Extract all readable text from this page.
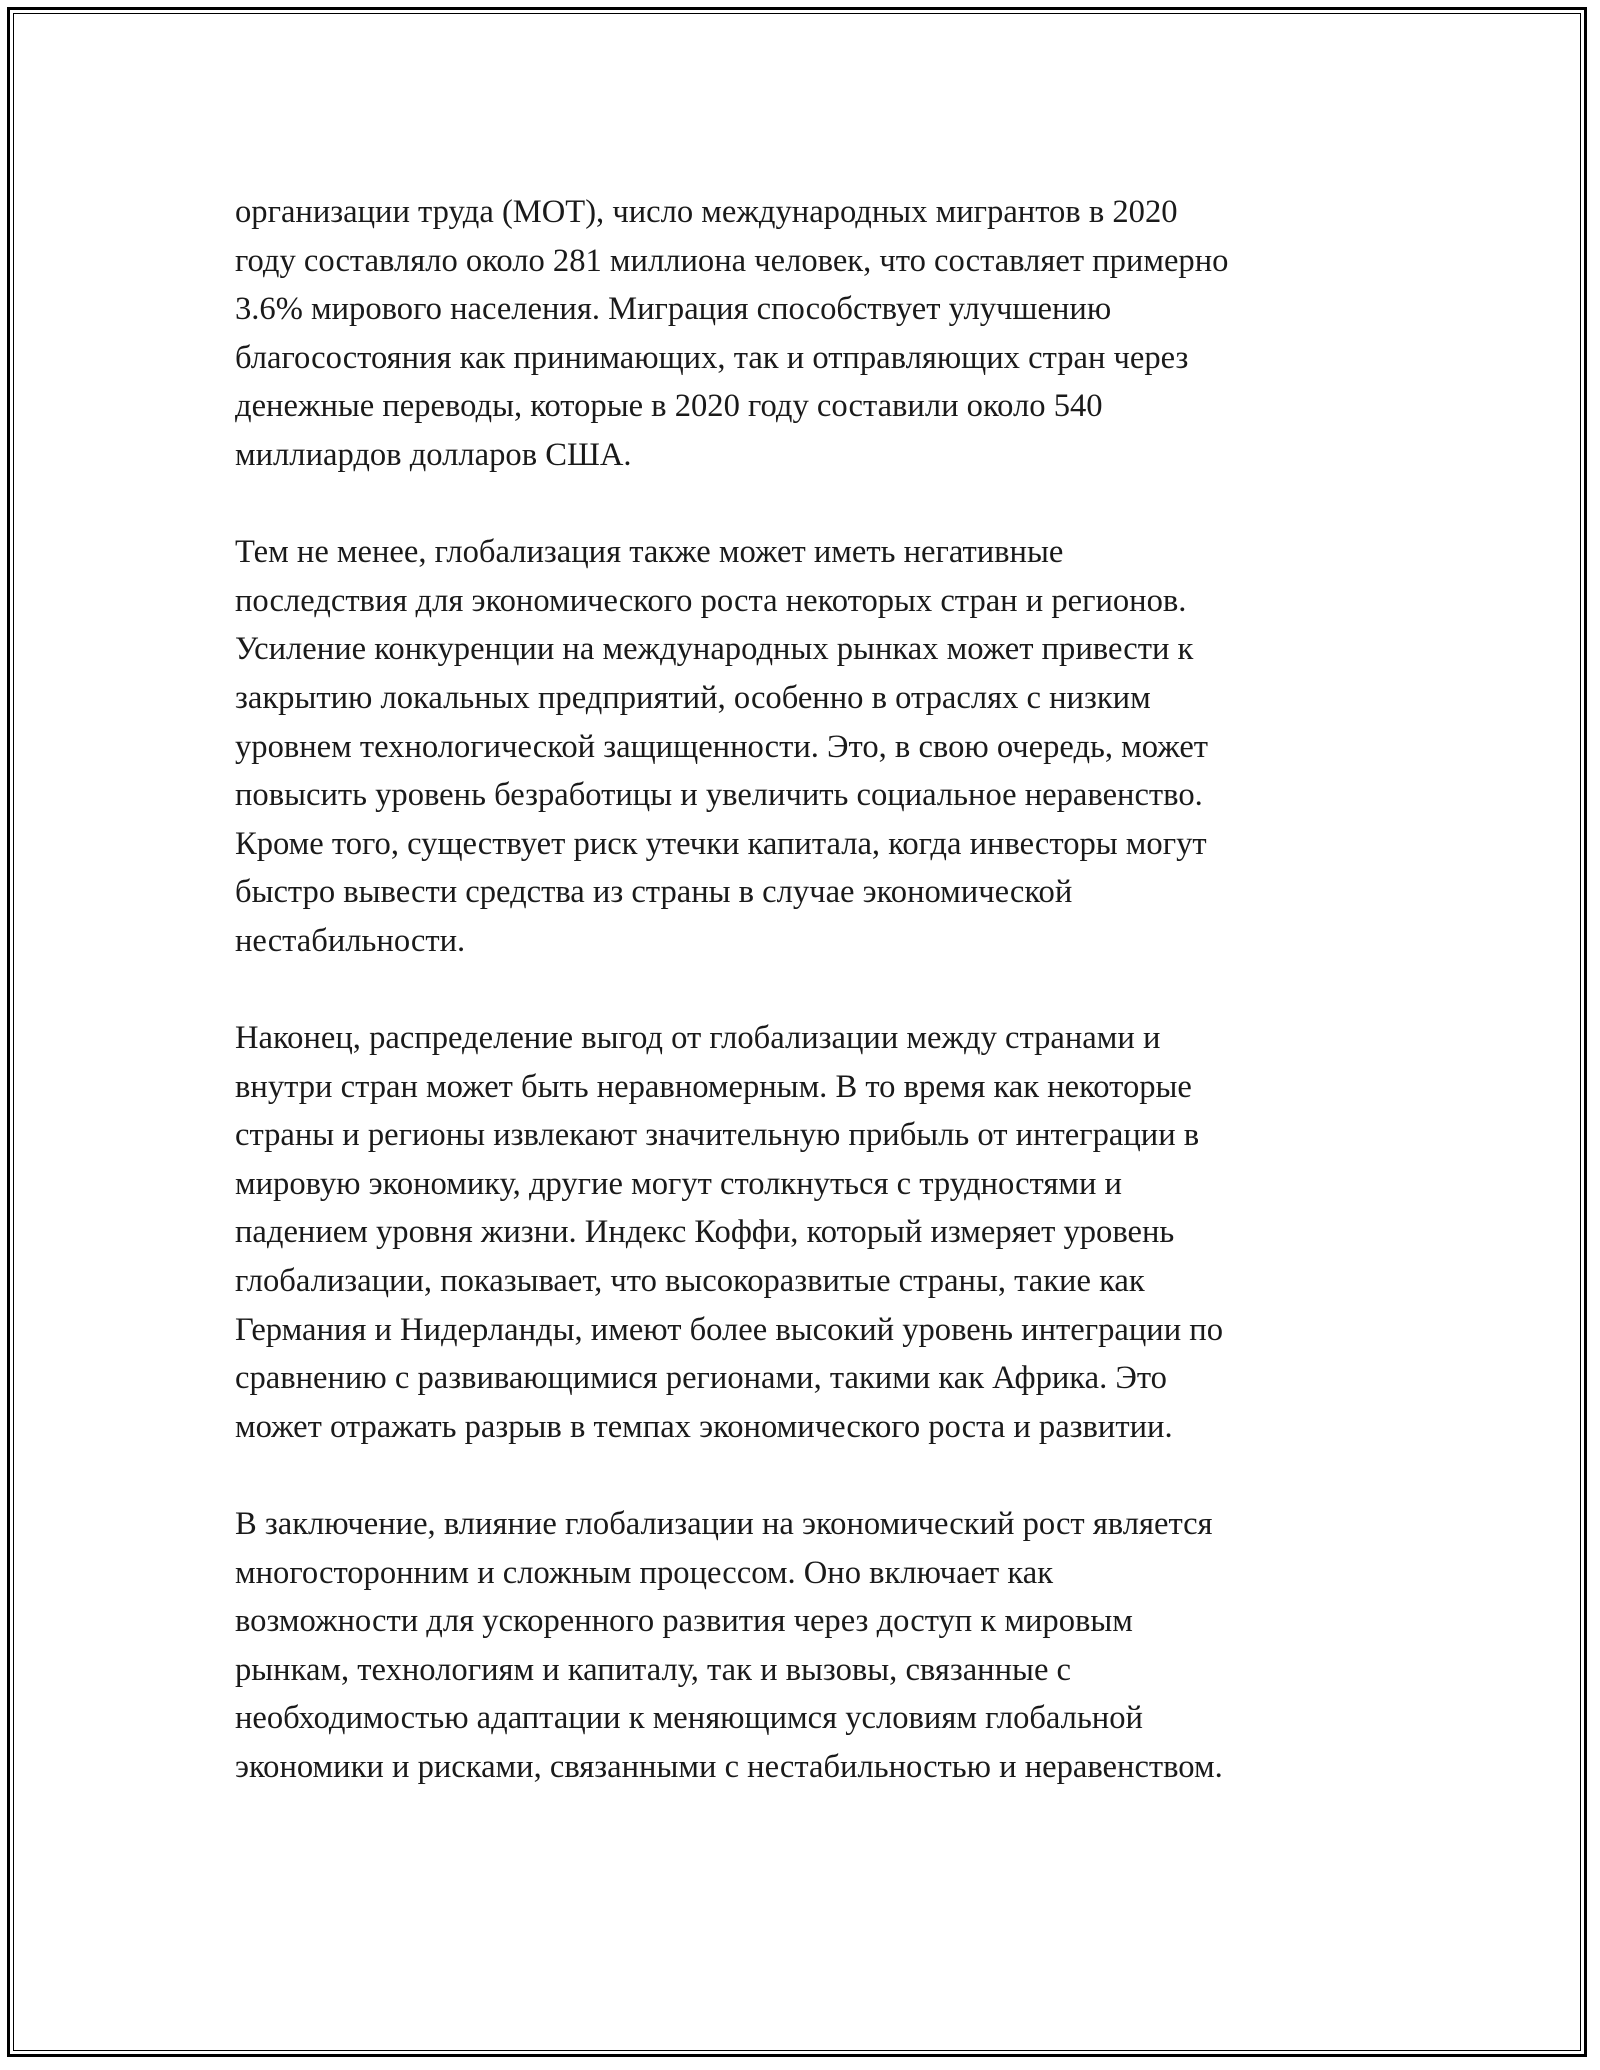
организации труда (МОТ), число международных мигрантов в 2020
году составляло около 281 миллиона человек, что составляет примерно
3.6% мирового населения. Миграция способствует улучшению
благосостояния как принимающих, так и отправляющих стран через
денежные переводы, которые в 2020 году составили около 540
миллиардов долларов США.

Тем не менее, глобализация также может иметь негативные
последствия для экономического роста некоторых стран и регионов.
Усиление конкуренции на международных рынках может привести к
закрытию локальных предприятий, особенно в отраслях с низким
уровнем технологической защищенности. Это, в свою очередь, может
повысить уровень безработицы и увеличить социальное неравенство.
Кроме того, существует риск утечки капитала, когда инвесторы могут
быстро вывести средства из страны в случае экономической
нестабильности.

Наконец, распределение выгод от глобализации между странами и
внутри стран может быть неравномерным. В то время как некоторые
страны и регионы извлекают значительную прибыль от интеграции в
мировую экономику, другие могут столкнуться с трудностями и
падением уровня жизни. Индекс Коффи, который измеряет уровень
глобализации, показывает, что высокоразвитые страны, такие как
Германия и Нидерланды, имеют более высокий уровень интеграции по
сравнению с развивающимися регионами, такими как Африка. Это
может отражать разрыв в темпах экономического роста и развитии.

В заключение, влияние глобализации на экономический рост является
многосторонним и сложным процессом. Оно включает как
возможности для ускоренного развития через доступ к мировым
рынкам, технологиям и капиталу, так и вызовы, связанные с
необходимостью адаптации к меняющимся условиям глобальной
экономики и рисками, связанными с нестабильностью и неравенством.
